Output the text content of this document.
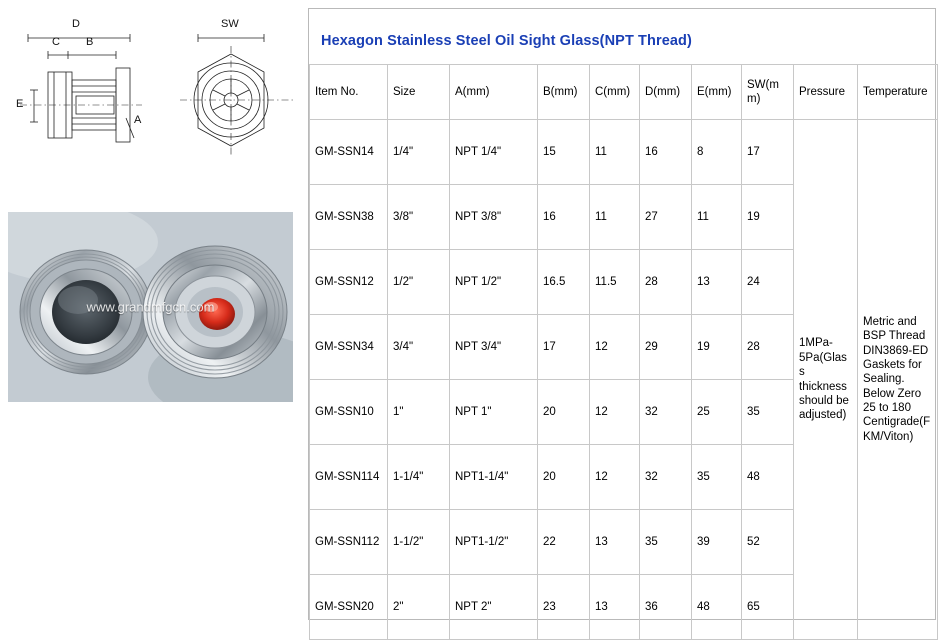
D
C B
E
A
SW
www.grandmfgcn.com
Hexagon Stainless Steel Oil Sight Glass(NPT Thread)
Item No.	Size	A(mm)	B(mm)	C(mm)	D(mm)	E(mm)	SW(mm)	Pressure	Temperature
GM-SSN14	1/4"	NPT 1/4"	15	11	16	8	17	1MPa-5Pa(Glass thickness should be adjusted)	Metric and BSP Thread DIN3869-ED Gaskets for Sealing. Below Zero 25 to 180 Centigrade(FKM/Viton)
GM-SSN38	3/8"	NPT 3/8"	16	11	27	11	19		
GM-SSN12	1/2"	NPT 1/2"	16.5	11.5	28	13	24		
GM-SSN34	3/4"	NPT 3/4"	17	12	29	19	28		
GM-SSN10	1"	NPT 1"	20	12	32	25	35		
GM-SSN114	1-1/4"	NPT1-1/4"	20	12	32	35	48		
GM-SSN112	1-1/2"	NPT1-1/2"	22	13	35	39	52		
GM-SSN20	2"	NPT 2"	23	13	36	48	65		
